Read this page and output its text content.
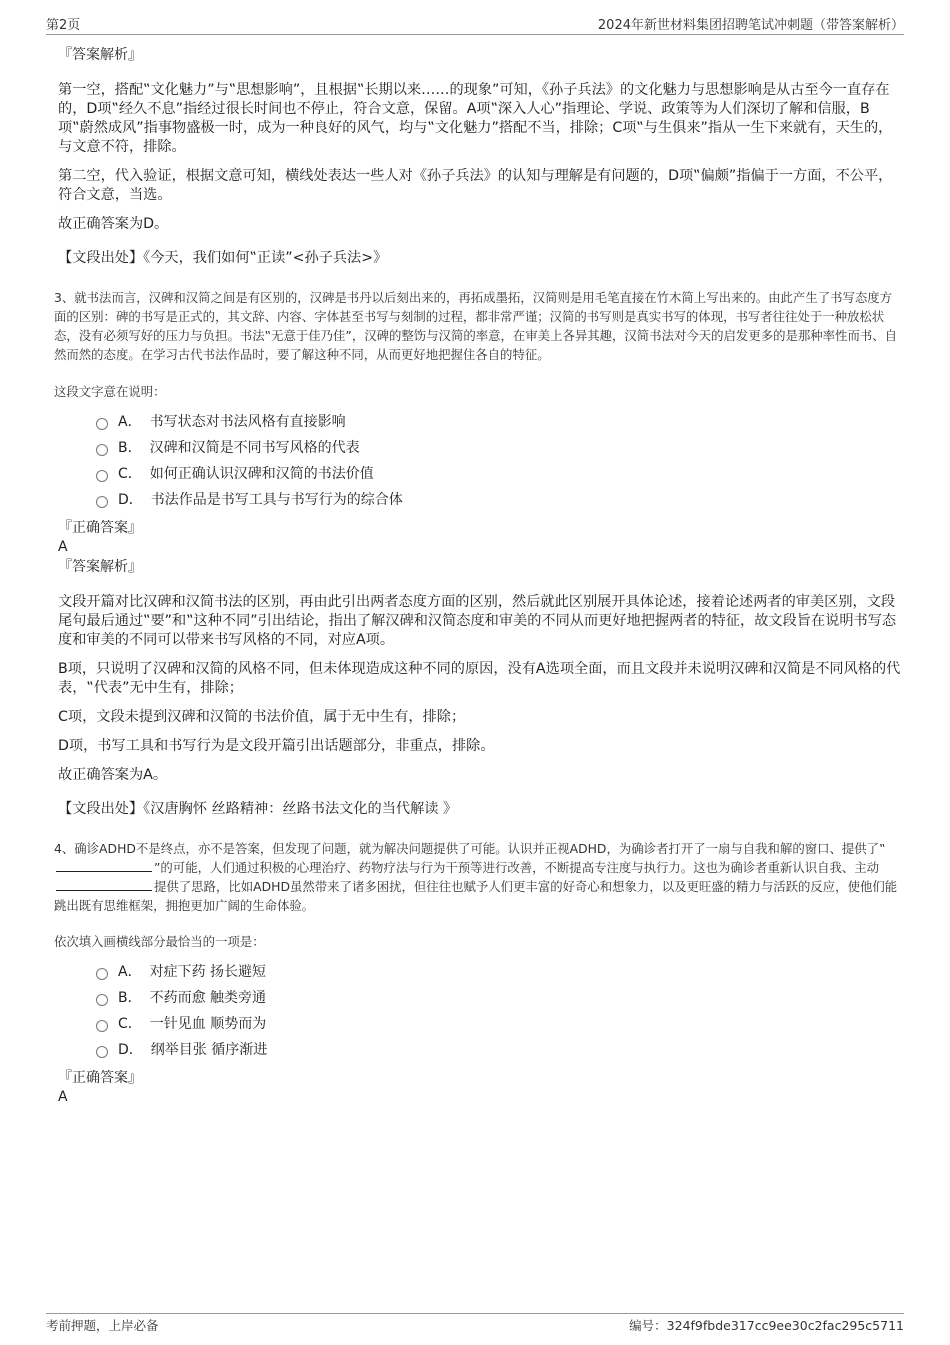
第2页	2024年新世材料集团招聘笔试冲刺题（带答案解析）
『答案解析』

第一空，搭配‟文化魅力”与‟思想影响”，且根据‟长期以来……的现象”可知，《孙子兵法》的文化魅力与思想影响是从古至今一直存在的，D项‟经久不息”指经过很长时间也不停止，符合文意，保留。A项‟深入人心”指理论、学说、政策等为人们深切了解和信服，B项‟蔚然成风”指事物盛极一时，成为一种良好的风气，均与‟文化魅力”搭配不当，排除；C项‟与生俱来”指从一生下来就有，天生的，与文意不符，排除。

第二空，代入验证，根据文意可知，横线处表达一些人对《孙子兵法》的认知与理解是有问题的，D项‟偏颇”指偏于一方面，不公平，符合文意，当选。

故正确答案为D。

【文段出处】《今天，我们如何‟正读”<孙子兵法>》

3、就书法而言，汉碑和汉简之间是有区别的，汉碑是书丹以后刻出来的，再拓成墨拓，汉简则是用毛笔直接在竹木简上写出来的。由此产生了书写态度方面的区别：碑的书写是正式的，其文辞、内容、字体甚至书写与刻制的过程，都非常严谨；汉简的书写则是真实书写的体现，书写者往往处于一种放松状态，没有必须写好的压力与负担。书法‟无意于佳乃佳”，汉碑的整饬与汉简的率意，在审美上各异其趣，汉简书法对今天的启发更多的是那种率性而书、自然而然的态度。在学习古代书法作品时，要了解这种不同，从而更好地把握住各自的特征。

这段文字意在说明：

A． 书写状态对书法风格有直接影响
B． 汉碑和汉简是不同书写风格的代表
C． 如何正确认识汉碑和汉简的书法价值
D． 书法作品是书写工具与书写行为的综合体
『正确答案』
A
『答案解析』

文段开篇对比汉碑和汉简书法的区别，再由此引出两者态度方面的区别，然后就此区别展开具体论述，接着论述两者的审美区别，文段尾句最后通过‟要”和‟这种不同”引出结论，指出了解汉碑和汉简态度和审美的不同从而更好地把握两者的特征，故文段旨在说明书写态度和审美的不同可以带来书写风格的不同，对应A项。

B项，只说明了汉碑和汉简的风格不同，但未体现造成这种不同的原因，没有A选项全面，而且文段并未说明汉碑和汉简是不同风格的代表，‟代表”无中生有，排除；

C项，文段未提到汉碑和汉简的书法价值，属于无中生有，排除；

D项，书写工具和书写行为是文段开篇引出话题部分，非重点，排除。

故正确答案为A。

【文段出处】《汉唐胸怀 丝路精神：丝路书法文化的当代解读 》

4、确诊ADHD不是终点，亦不是答案，但发现了问题，就为解决问题提供了可能。认识并正视ADHD，为确诊者打开了一扇与自我和解的窗口、提供了‟”的可能，人们通过积极的心理治疗、药物疗法与行为干预等进行改善，不断提高专注度与执行力。这也为确诊者重新认识自我、主动提供了思路，比如ADHD虽然带来了诸多困扰，但往往也赋予人们更丰富的好奇心和想象力，以及更旺盛的精力与活跃的反应，使他们能跳出既有思维框架，拥抱更加广阔的生命体验。

依次填入画横线部分最恰当的一项是：

A． 对症下药 扬长避短
B． 不药而愈 触类旁通
C． 一针见血 顺势而为
D． 纲举目张 循序渐进
『正确答案』
A
考前押题，上岸必备	编号：324f9fbde317cc9ee30c2fac295c5711
